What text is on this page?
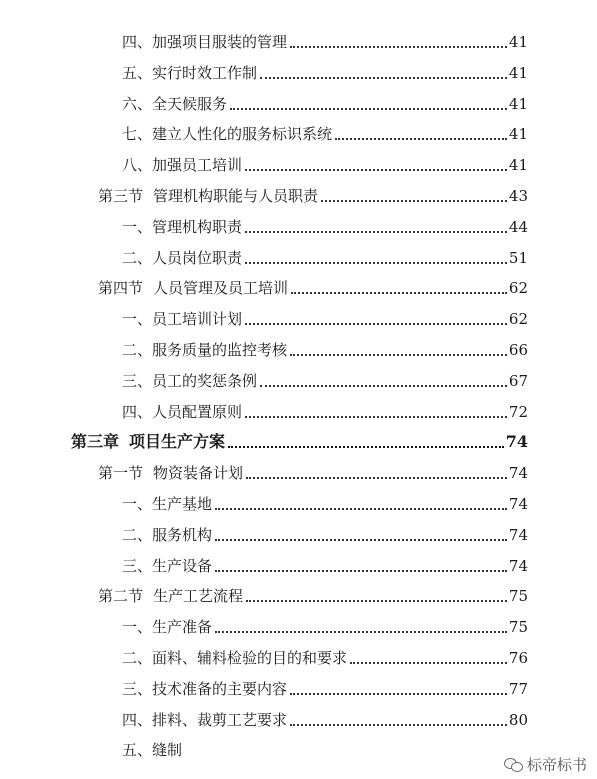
四、加强项目服装的管理	41
五、实行时效工作制	41
六、全天候服务	41
七、建立人性化的服务标识系统	41
八、加强员工培训	41
第三节 管理机构职能与人员职责	43
一、管理机构职责	44
二、人员岗位职责	51
第四节 人员管理及员工培训	62
一、员工培训计划	62
二、服务质量的监控考核	66
三、员工的奖惩条例	67
四、人员配置原则	72
第三章 项目生产方案	74
第一节 物资装备计划	74
一、生产基地	74
二、服务机构	74
三、生产设备	74
第二节 生产工艺流程	75
一、生产准备	75
二、面料、辅料检验的目的和要求	76
三、技术准备的主要内容	77
四、排料、裁剪工艺要求	80
五、缝制
标帝标书
